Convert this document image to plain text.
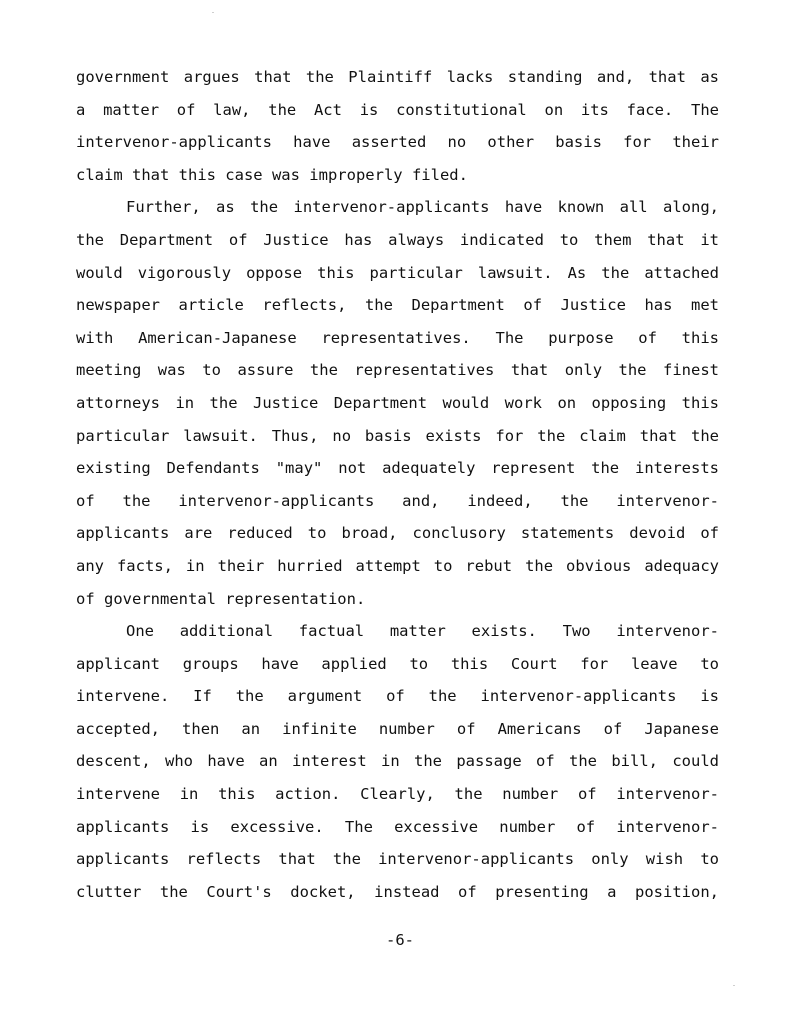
government argues that the Plaintiff lacks standing and, that as
a matter of law, the Act is constitutional on its face. The
intervenor-applicants have asserted no other basis for their
claim that this case was improperly filed.
Further, as the intervenor-applicants have known all along,
the Department of Justice has always indicated to them that it
would vigorously oppose this particular lawsuit. As the attached
newspaper article reflects, the Department of Justice has met
with American-Japanese representatives. The purpose of this
meeting was to assure the representatives that only the finest
attorneys in the Justice Department would work on opposing this
particular lawsuit. Thus, no basis exists for the claim that the
existing Defendants "may" not adequately represent the interests
of the intervenor-applicants and, indeed, the intervenor-
applicants are reduced to broad, conclusory statements devoid of
any facts, in their hurried attempt to rebut the obvious adequacy
of governmental representation.
One additional factual matter exists. Two intervenor-
applicant groups have applied to this Court for leave to
intervene. If the argument of the intervenor-applicants is
accepted, then an infinite number of Americans of Japanese
descent, who have an interest in the passage of the bill, could
intervene in this action. Clearly, the number of intervenor-
applicants is excessive. The excessive number of intervenor-
applicants reflects that the intervenor-applicants only wish to
clutter the Court's docket, instead of presenting a position,
-6-
